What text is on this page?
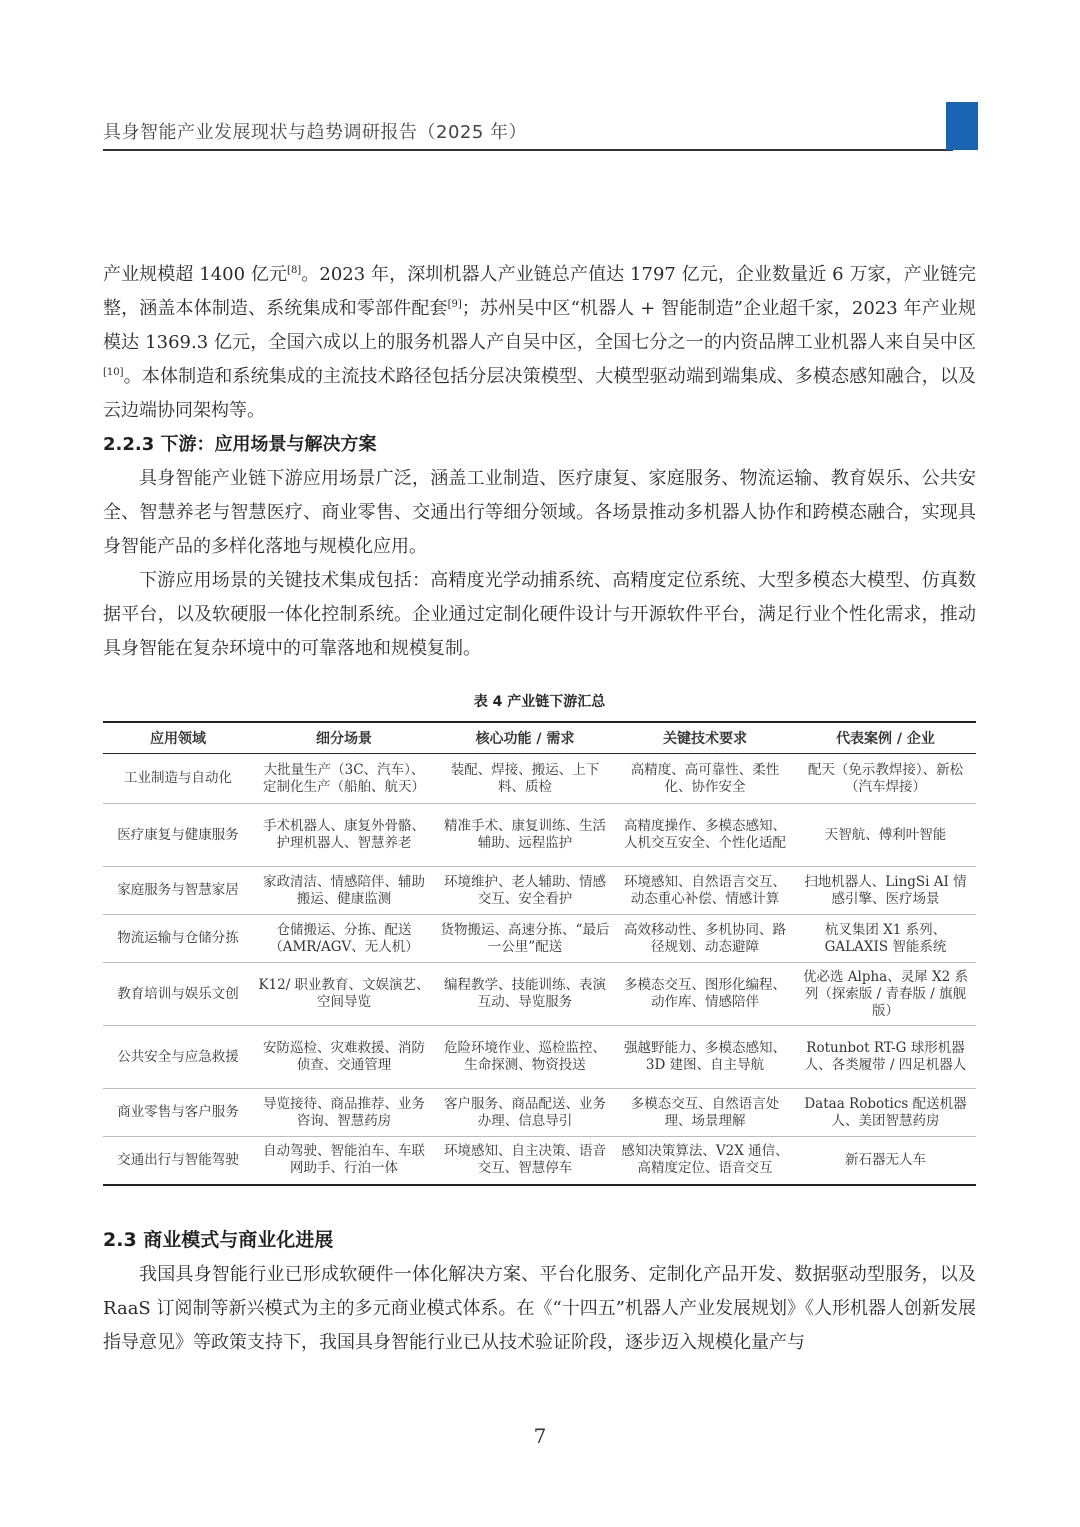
具身智能产业发展现状与趋势调研报告（2025 年）

产业规模超 1400 亿元[8]。2023 年，深圳机器人产业链总产值达 1797 亿元，企业数量近 6 万家，产业链完整，涵盖本体制造、系统集成和零部件配套[9]；苏州吴中区“机器人 + 智能制造”企业超千家，2023 年产业规模达 1369.3 亿元，全国六成以上的服务机器人产自吴中区，全国七分之一的内资品牌工业机器人来自吴中区[10]。本体制造和系统集成的主流技术路径包括分层决策模型、大模型驱动端到端集成、多模态感知融合，以及云边端协同架构等。

2.2.3 下游：应用场景与解决方案

具身智能产业链下游应用场景广泛，涵盖工业制造、医疗康复、家庭服务、物流运输、教育娱乐、公共安全、智慧养老与智慧医疗、商业零售、交通出行等细分领域。各场景推动多机器人协作和跨模态融合，实现具身智能产品的多样化落地与规模化应用。

下游应用场景的关键技术集成包括：高精度光学动捕系统、高精度定位系统、大型多模态大模型、仿真数据平台，以及软硬服一体化控制系统。企业通过定制化硬件设计与开源软件平台，满足行业个性化需求，推动具身智能在复杂环境中的可靠落地和规模复制。

表 4 产业链下游汇总
应用领域	细分场景	核心功能 / 需求	关键技术要求	代表案例 / 企业
工业制造与自动化	大批量生产（3C、汽车）、定制化生产（船舶、航天）	装配、焊接、搬运、上下料、质检	高精度、高可靠性、柔性化、协作安全	配天（免示教焊接）、新松（汽车焊接）
医疗康复与健康服务	手术机器人、康复外骨骼、护理机器人、智慧养老	精准手术、康复训练、生活辅助、远程监护	高精度操作、多模态感知、人机交互安全、个性化适配	天智航、傅利叶智能
家庭服务与智慧家居	家政清洁、情感陪伴、辅助搬运、健康监测	环境维护、老人辅助、情感交互、安全看护	环境感知、自然语言交互、动态重心补偿、情感计算	扫地机器人、LingSi AI 情感引擎、医疗场景
物流运输与仓储分拣	仓储搬运、分拣、配送（AMR/AGV、无人机）	货物搬运、高速分拣、“最后一公里”配送	高效移动性、多机协同、路径规划、动态避障	杭叉集团 X1 系列、GALAXIS 智能系统
教育培训与娱乐文创	K12/ 职业教育、文娱演艺、空间导览	编程教学、技能训练、表演互动、导览服务	多模态交互、图形化编程、动作库、情感陪伴	优必选 Alpha、灵犀 X2 系列（探索版 / 青春版 / 旗舰版）
公共安全与应急救援	安防巡检、灾难救援、消防侦查、交通管理	危险环境作业、巡检监控、生命探测、物资投送	强越野能力、多模态感知、3D 建图、自主导航	Rotunbot RT-G 球形机器人、各类履带 / 四足机器人
商业零售与客户服务	导览接待、商品推荐、业务咨询、智慧药房	客户服务、商品配送、业务办理、信息导引	多模态交互、自然语言处理、场景理解	Dataa Robotics 配送机器人、美团智慧药房
交通出行与智能驾驶	自动驾驶、智能泊车、车联网助手、行泊一体	环境感知、自主决策、语音交互、智慧停车	感知决策算法、V2X 通信、高精度定位、语音交互	新石器无人车
2.3 商业模式与商业化进展

我国具身智能行业已形成软硬件一体化解决方案、平台化服务、定制化产品开发、数据驱动型服务，以及 RaaS 订阅制等新兴模式为主的多元商业模式体系。在《“十四五”机器人产业发展规划》《人形机器人创新发展指导意见》等政策支持下，我国具身智能行业已从技术验证阶段，逐步迈入规模化量产与

7
